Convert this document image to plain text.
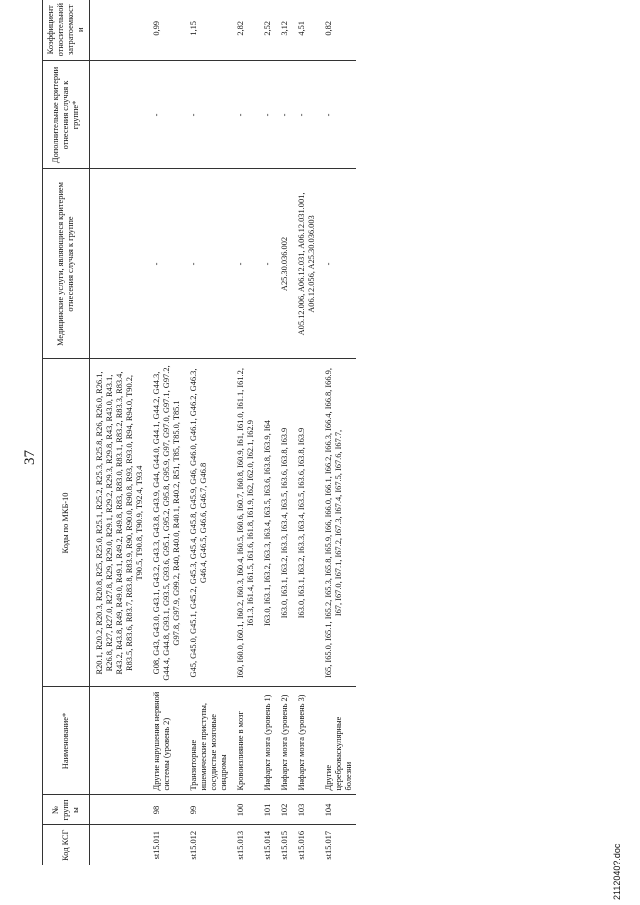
37
Код КСГ	№ группы	Наименование*	Коды по МКБ-10	Медицинские услуги, являющиеся критерием отнесения случая к группе	Дополнительные критерии отнесения случая к группе*	Коэффициент относительной затратоемкости
			R20.1, R20.2, R20.3, R20.8, R25, R25.0, R25.1, R25.2, R25.3, R25.8, R26, R26.0, R26.1, R26.8, R27, R27.0, R27.8, R29, R29.0, R29.1, R29.2, R29.3, R29.8, R43, R43.0, R43.1, R43.2, R43.8, R49, R49.0, R49.1, R49.2, R49.8, R83, R83.0, R83.1, R83.2, R83.3, R83.4, R83.5, R83.6, R83.7, R83.8, R83.9, R90, R90.0, R90.8, R93, R93.0, R94, R94.0, T90.2, T90.5, T90.8, T90.9, T92.4, T93.4			
st15.011	98	Другие нарушения нервной системы (уровень 2)	G08, G43, G43.0, G43.1, G43.2, G43.3, G43.8, G43.9, G44, G44.0, G44.1, G44.2, G44.3, G44.4, G44.8, G93.1, G93.5, G93.6, G95.1, G95.2, G95.8, G95.9, G97, G97.0, G97.1, G97.2, G97.8, G97.9, G99.2, R40, R40.0, R40.1, R40.2, R51, T85, T85.0, T85.1	-	-	0,99
st15.012	99	Транзиторные ишемические приступы, сосудистые мозговые синдромы	G45, G45.0, G45.1, G45.2, G45.3, G45.4, G45.8, G45.9, G46, G46.0, G46.1, G46.2, G46.3, G46.4, G46.5, G46.6, G46.7, G46.8	-	-	1,15
st15.013	100	Кровоизлияние в мозг	I60, I60.0, I60.1, I60.2, I60.3, I60.4, I60.5, I60.6, I60.7, I60.8, I60.9, I61, I61.0, I61.1, I61.2, I61.3, I61.4, I61.5, I61.6, I61.8, I61.9, I62, I62.0, I62.1, I62.9	-	-	2,82
st15.014	101	Инфаркт мозга (уровень 1)	I63.0, I63.1, I63.2, I63.3, I63.4, I63.5, I63.6, I63.8, I63.9, I64	-	-	2,52
st15.015	102	Инфаркт мозга (уровень 2)	I63.0, I63.1, I63.2, I63.3, I63.4, I63.5, I63.6, I63.8, I63.9	A25.30.036.002	-	3,12
st15.016	103	Инфаркт мозга (уровень 3)	I63.0, I63.1, I63.2, I63.3, I63.4, I63.5, I63.6, I63.8, I63.9	A05.12.006, A06.12.031, A06.12.031.001, A06.12.056, A25.30.036.003	-	4,51
st15.017	104	Другие цереброваскулярные болезни	I65, I65.0, I65.1, I65.2, I65.3, I65.8, I65.9, I66, I66.0, I66.1, I66.2, I66.3, I66.4, I66.8, I66.9, I67, I67.0, I67.1, I67.2, I67.3, I67.4, I67.5, I67.6, I67.7,	-	-	0,82
2112040?.doc
